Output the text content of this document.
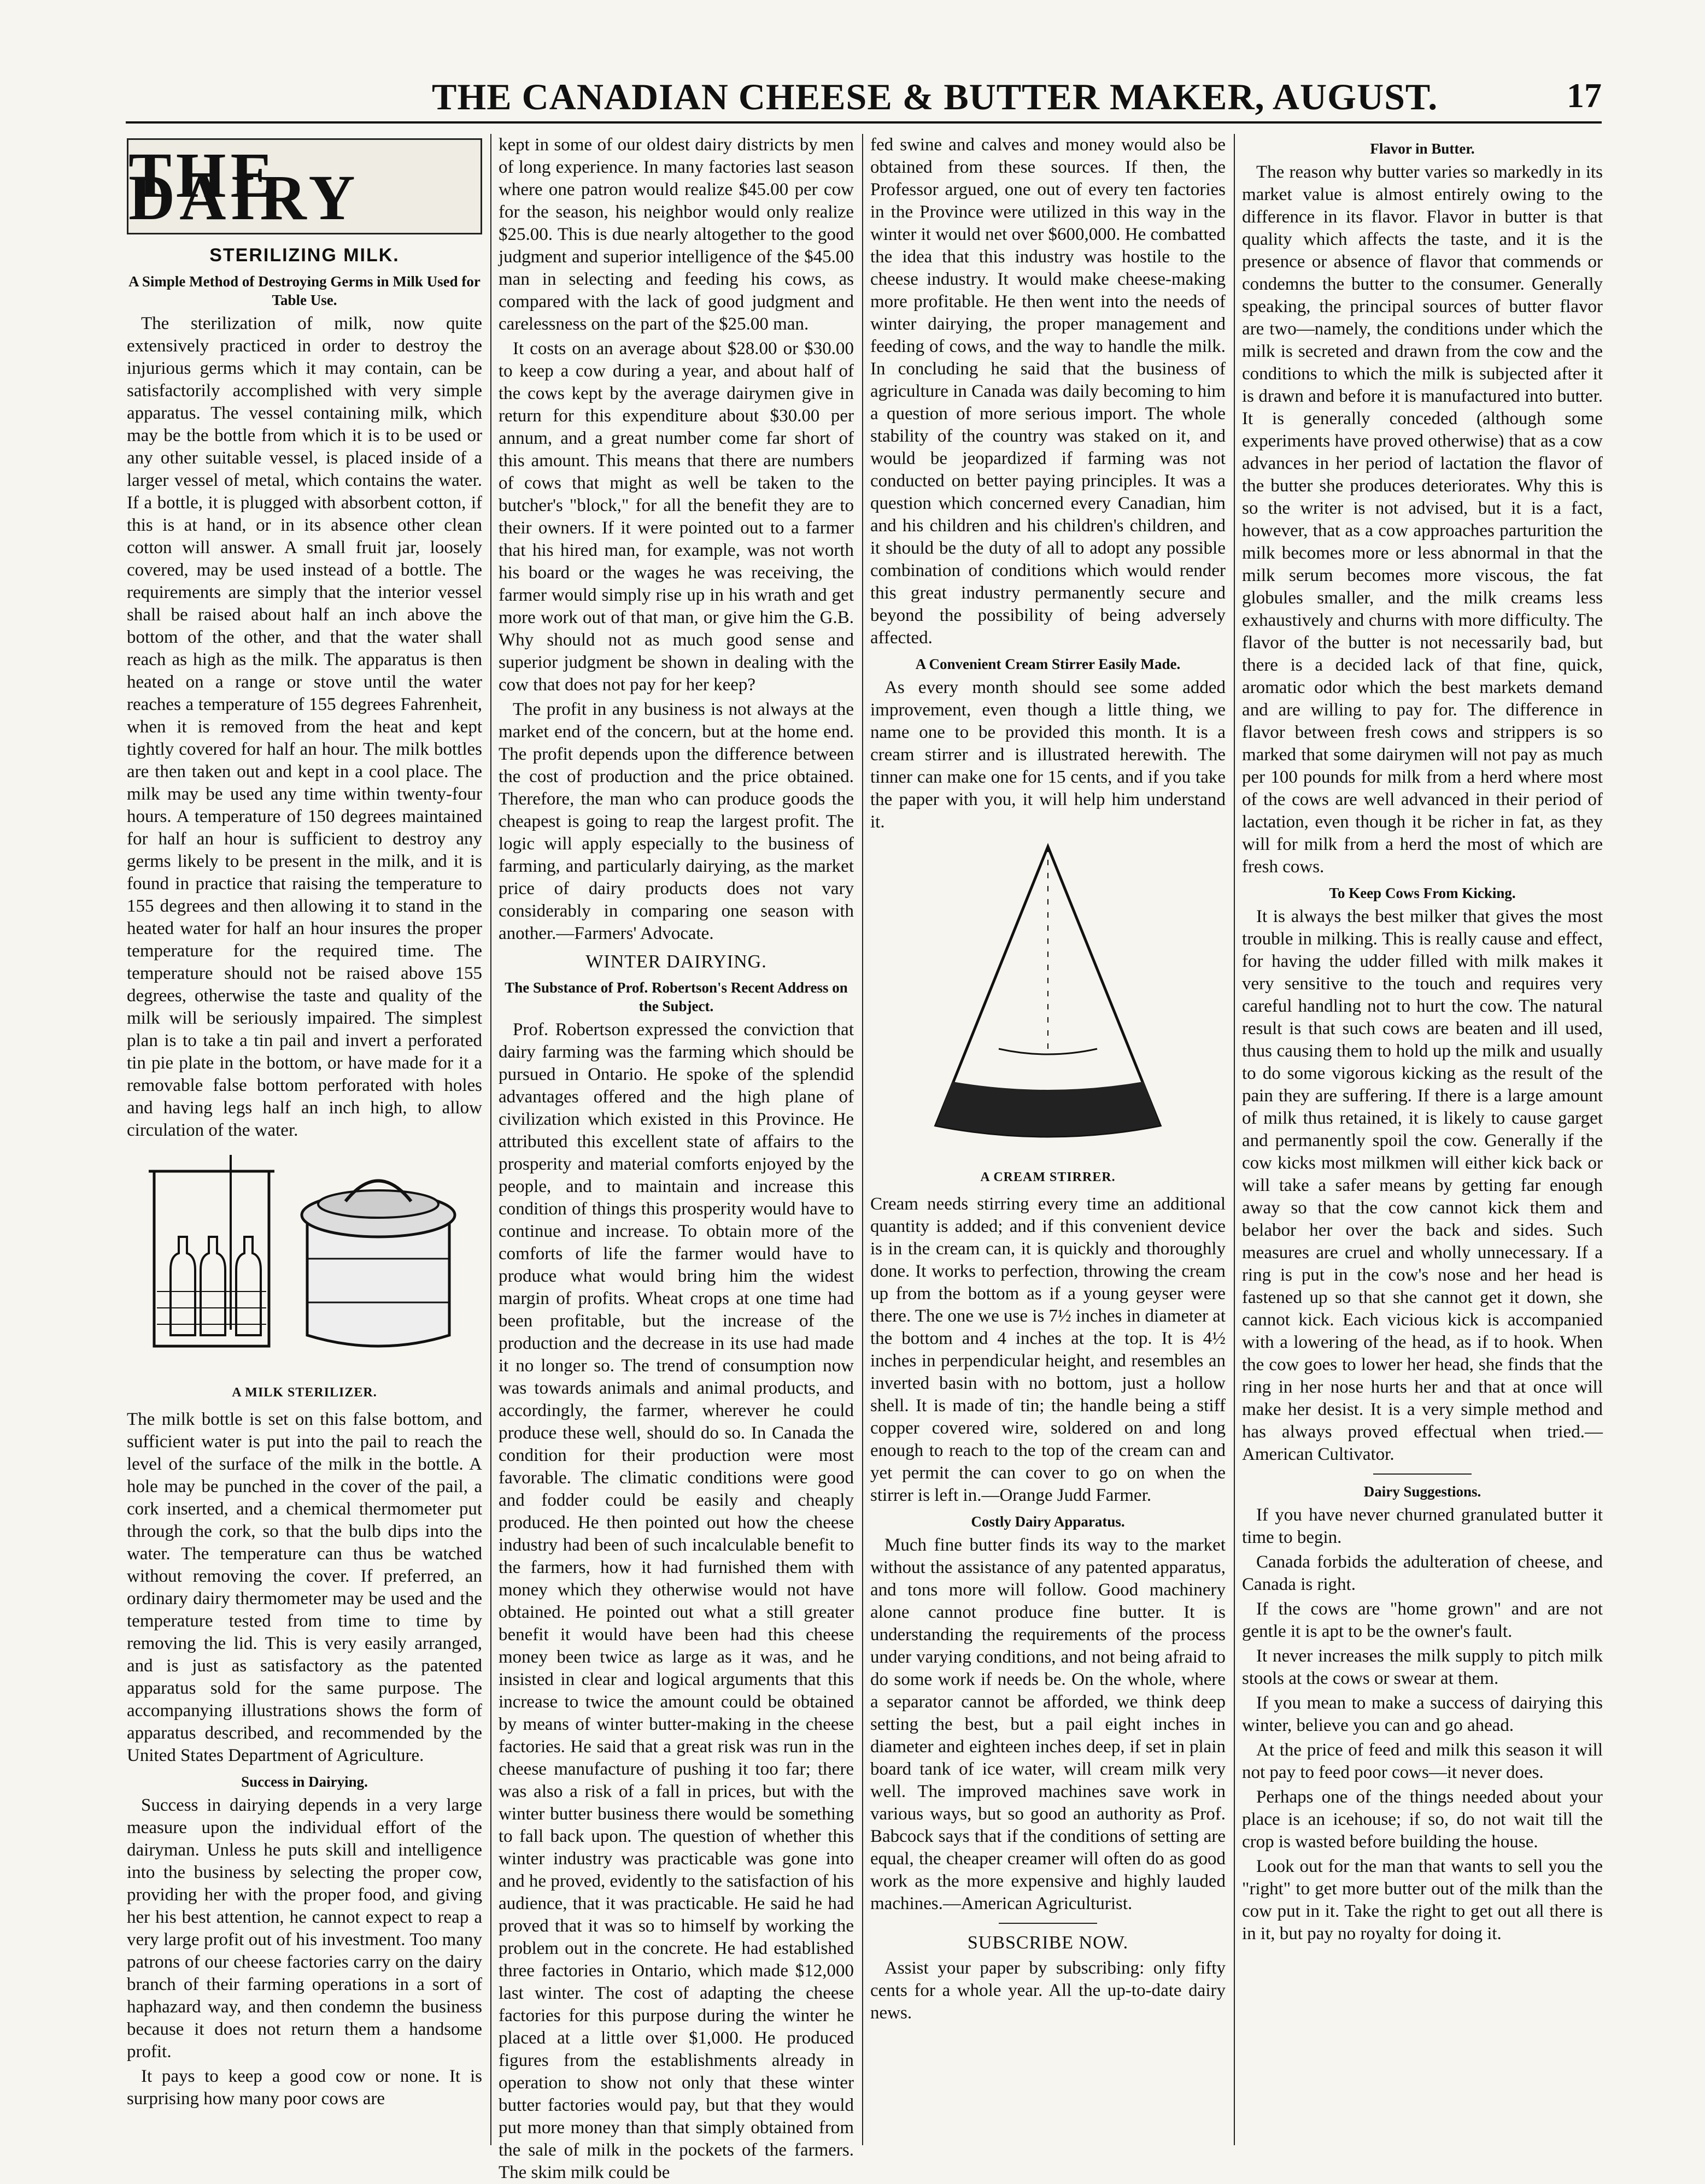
THE CANADIAN CHEESE & BUTTER MAKER, AUGUST.	17
THE DAIRY
STERILIZING MILK.
A Simple Method of Destroying Germs in Milk Used for Table Use.

The sterilization of milk, now quite extensively practiced in order to destroy the injurious germs which it may contain, can be satisfactorily accomplished with very simple apparatus. The vessel containing milk, which may be the bottle from which it is to be used or any other suitable vessel, is placed inside of a larger vessel of metal, which contains the water. If a bottle, it is plugged with absorbent cotton, if this is at hand, or in its absence other clean cotton will answer. A small fruit jar, loosely covered, may be used instead of a bottle. The requirements are simply that the interior vessel shall be raised about half an inch above the bottom of the other, and that the water shall reach as high as the milk. The apparatus is then heated on a range or stove until the water reaches a temperature of 155 degrees Fahrenheit, when it is removed from the heat and kept tightly covered for half an hour. The milk bottles are then taken out and kept in a cool place. The milk may be used any time within twenty-four hours. A temperature of 150 degrees maintained for half an hour is sufficient to destroy any germs likely to be present in the milk, and it is found in practice that raising the temperature to 155 degrees and then allowing it to stand in the heated water for half an hour insures the proper temperature for the required time. The temperature should not be raised above 155 degrees, otherwise the taste and quality of the milk will be seriously impaired. The simplest plan is to take a tin pail and invert a perforated tin pie plate in the bottom, or have made for it a removable false bottom perforated with holes and having legs half an inch high, to allow circulation of the water.

A MILK STERILIZER.

The milk bottle is set on this false bottom, and sufficient water is put into the pail to reach the level of the surface of the milk in the bottle. A hole may be punched in the cover of the pail, a cork inserted, and a chemical thermometer put through the cork, so that the bulb dips into the water. The temperature can thus be watched without removing the cover. If preferred, an ordinary dairy thermometer may be used and the temperature tested from time to time by removing the lid. This is very easily arranged, and is just as satisfactory as the patented apparatus sold for the same purpose. The accompanying illustrations shows the form of apparatus described, and recommended by the United States Department of Agriculture.

Success in Dairying.

Success in dairying depends in a very large measure upon the individual effort of the dairyman. Unless he puts skill and intelligence into the business by selecting the proper cow, providing her with the proper food, and giving her his best attention, he cannot expect to reap a very large profit out of his investment. Too many patrons of our cheese factories carry on the dairy branch of their farming operations in a sort of haphazard way, and then condemn the business because it does not return them a handsome profit.

It pays to keep a good cow or none. It is surprising how many poor cows are

kept in some of our oldest dairy districts by men of long experience. In many factories last season where one patron would realize $45.00 per cow for the season, his neighbor would only realize $25.00. This is due nearly altogether to the good judgment and superior intelligence of the $45.00 man in selecting and feeding his cows, as compared with the lack of good judgment and carelessness on the part of the $25.00 man.

It costs on an average about $28.00 or $30.00 to keep a cow during a year, and about half of the cows kept by the average dairymen give in return for this expenditure about $30.00 per annum, and a great number come far short of this amount. This means that there are numbers of cows that might as well be taken to the butcher's "block," for all the benefit they are to their owners. If it were pointed out to a farmer that his hired man, for example, was not worth his board or the wages he was receiving, the farmer would simply rise up in his wrath and get more work out of that man, or give him the G.B. Why should not as much good sense and superior judgment be shown in dealing with the cow that does not pay for her keep?

The profit in any business is not always at the market end of the concern, but at the home end. The profit depends upon the difference between the cost of production and the price obtained. Therefore, the man who can produce goods the cheapest is going to reap the largest profit. The logic will apply especially to the business of farming, and particularly dairying, as the market price of dairy products does not vary considerably in comparing one season with another.—Farmers' Advocate.

WINTER DAIRYING.
The Substance of Prof. Robertson's Recent Address on the Subject.

Prof. Robertson expressed the conviction that dairy farming was the farming which should be pursued in Ontario. He spoke of the splendid advantages offered and the high plane of civilization which existed in this Province. He attributed this excellent state of affairs to the prosperity and material comforts enjoyed by the people, and to maintain and increase this condition of things this prosperity would have to continue and increase. To obtain more of the comforts of life the farmer would have to produce what would bring him the widest margin of profits. Wheat crops at one time had been profitable, but the increase of the production and the decrease in its use had made it no longer so. The trend of consumption now was towards animals and animal products, and accordingly, the farmer, wherever he could produce these well, should do so. In Canada the condition for their production were most favorable. The climatic conditions were good and fodder could be easily and cheaply produced. He then pointed out how the cheese industry had been of such incalculable benefit to the farmers, how it had furnished them with money which they otherwise would not have obtained. He pointed out what a still greater benefit it would have been had this cheese money been twice as large as it was, and he insisted in clear and logical arguments that this increase to twice the amount could be obtained by means of winter butter-making in the cheese factories. He said that a great risk was run in the cheese manufacture of pushing it too far; there was also a risk of a fall in prices, but with the winter butter business there would be something to fall back upon. The question of whether this winter industry was practicable was gone into and he proved, evidently to the satisfaction of his audience, that it was practicable. He said he had proved that it was so to himself by working the problem out in the concrete. He had established three factories in Ontario, which made $12,000 last winter. The cost of adapting the cheese factories for this purpose during the winter he placed at a little over $1,000. He produced figures from the establishments already in operation to show not only that these winter butter factories would pay, but that they would put more money than that simply obtained from the sale of milk in the pockets of the farmers. The skim milk could be

fed swine and calves and money would also be obtained from these sources. If then, the Professor argued, one out of every ten factories in the Province were utilized in this way in the winter it would net over $600,000. He combatted the idea that this industry was hostile to the cheese industry. It would make cheese-making more profitable. He then went into the needs of winter dairying, the proper management and feeding of cows, and the way to handle the milk. In concluding he said that the business of agriculture in Canada was daily becoming to him a question of more serious import. The whole stability of the country was staked on it, and would be jeopardized if farming was not conducted on better paying principles. It was a question which concerned every Canadian, him and his children and his children's children, and it should be the duty of all to adopt any possible combination of conditions which would render this great industry permanently secure and beyond the possibility of being adversely affected.

A Convenient Cream Stirrer Easily Made.

As every month should see some added improvement, even though a little thing, we name one to be provided this month. It is a cream stirrer and is illustrated herewith. The tinner can make one for 15 cents, and if you take the paper with you, it will help him understand it.

A CREAM STIRRER.

Cream needs stirring every time an additional quantity is added; and if this convenient device is in the cream can, it is quickly and thoroughly done. It works to perfection, throwing the cream up from the bottom as if a young geyser were there. The one we use is 7½ inches in diameter at the bottom and 4 inches at the top. It is 4½ inches in perpendicular height, and resembles an inverted basin with no bottom, just a hollow shell. It is made of tin; the handle being a stiff copper covered wire, soldered on and long enough to reach to the top of the cream can and yet permit the can cover to go on when the stirrer is left in.—Orange Judd Farmer.

Costly Dairy Apparatus.

Much fine butter finds its way to the market without the assistance of any patented apparatus, and tons more will follow. Good machinery alone cannot produce fine butter. It is understanding the requirements of the process under varying conditions, and not being afraid to do some work if needs be. On the whole, where a separator cannot be afforded, we think deep setting the best, but a pail eight inches in diameter and eighteen inches deep, if set in plain board tank of ice water, will cream milk very well. The improved machines save work in various ways, but so good an authority as Prof. Babcock says that if the conditions of setting are equal, the cheaper creamer will often do as good work as the more expensive and highly lauded machines.—American Agriculturist.

SUBSCRIBE NOW.

Assist your paper by subscribing: only fifty cents for a whole year. All the up-to-date dairy news.

Flavor in Butter.

The reason why butter varies so markedly in its market value is almost entirely owing to the difference in its flavor. Flavor in butter is that quality which affects the taste, and it is the presence or absence of flavor that commends or condemns the butter to the consumer. Generally speaking, the principal sources of butter flavor are two—namely, the conditions under which the milk is secreted and drawn from the cow and the conditions to which the milk is subjected after it is drawn and before it is manufactured into butter. It is generally conceded (although some experiments have proved otherwise) that as a cow advances in her period of lactation the flavor of the butter she produces deteriorates. Why this is so the writer is not advised, but it is a fact, however, that as a cow approaches parturition the milk becomes more or less abnormal in that the milk serum becomes more viscous, the fat globules smaller, and the milk creams less exhaustively and churns with more difficulty. The flavor of the butter is not necessarily bad, but there is a decided lack of that fine, quick, aromatic odor which the best markets demand and are willing to pay for. The difference in flavor between fresh cows and strippers is so marked that some dairymen will not pay as much per 100 pounds for milk from a herd where most of the cows are well advanced in their period of lactation, even though it be richer in fat, as they will for milk from a herd the most of which are fresh cows.

To Keep Cows From Kicking.

It is always the best milker that gives the most trouble in milking. This is really cause and effect, for having the udder filled with milk makes it very sensitive to the touch and requires very careful handling not to hurt the cow. The natural result is that such cows are beaten and ill used, thus causing them to hold up the milk and usually to do some vigorous kicking as the result of the pain they are suffering. If there is a large amount of milk thus retained, it is likely to cause garget and permanently spoil the cow. Generally if the cow kicks most milkmen will either kick back or will take a safer means by getting far enough away so that the cow cannot kick them and belabor her over the back and sides. Such measures are cruel and wholly unnecessary. If a ring is put in the cow's nose and her head is fastened up so that she cannot get it down, she cannot kick. Each vicious kick is accompanied with a lowering of the head, as if to hook. When the cow goes to lower her head, she finds that the ring in her nose hurts her and that at once will make her desist. It is a very simple method and has always proved effectual when tried.—American Cultivator.

Dairy Suggestions.

If you have never churned granulated butter it time to begin.

Canada forbids the adulteration of cheese, and Canada is right.

If the cows are "home grown" and are not gentle it is apt to be the owner's fault.

It never increases the milk supply to pitch milk stools at the cows or swear at them.

If you mean to make a success of dairying this winter, believe you can and go ahead.

At the price of feed and milk this season it will not pay to feed poor cows—it never does.

Perhaps one of the things needed about your place is an icehouse; if so, do not wait till the crop is wasted before building the house.

Look out for the man that wants to sell you the "right" to get more butter out of the milk than the cow put in it. Take the right to get out all there is in it, but pay no royalty for doing it.
